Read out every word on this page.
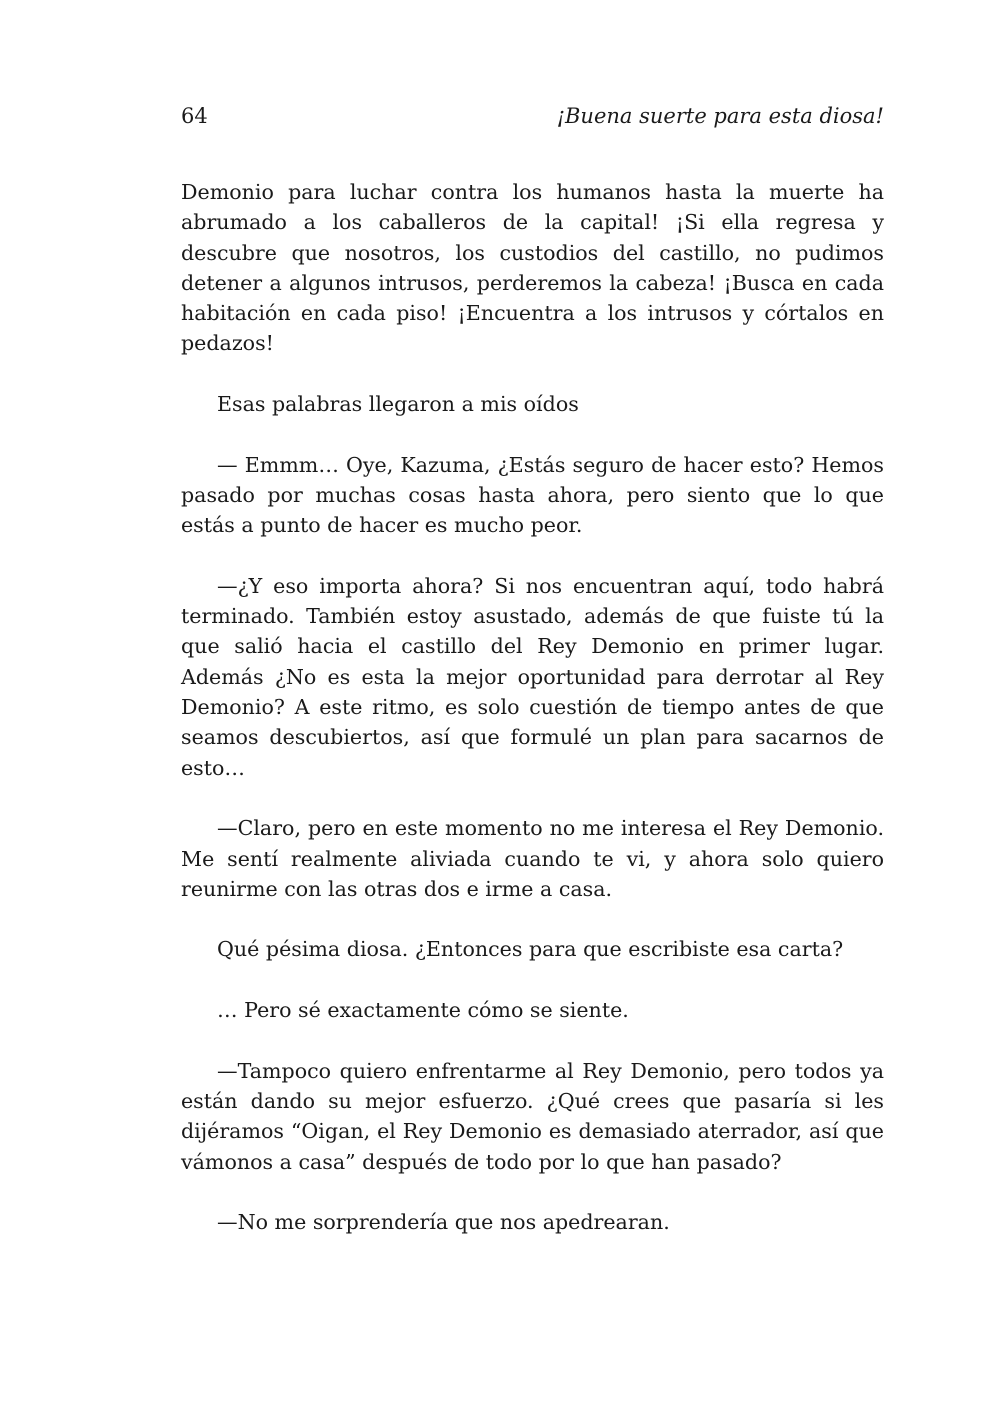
64	¡Buena suerte para esta diosa!

Demonio para luchar contra los humanos hasta la muerte ha abrumado a los caballeros de la capital! ¡Si ella regresa y descubre que nosotros, los custodios del castillo, no pudimos detener a algunos intrusos, perderemos la cabeza! ¡Busca en cada habitación en cada piso! ¡Encuentra a los intrusos y córtalos en pedazos!

Esas palabras llegaron a mis oídos

— Emmm… Oye, Kazuma, ¿Estás seguro de hacer esto? Hemos pasado por muchas cosas hasta ahora, pero siento que lo que estás a punto de hacer es mucho peor.

—¿Y eso importa ahora? Si nos encuentran aquí, todo habrá terminado. También estoy asustado, además de que fuiste tú la que salió hacia el castillo del Rey Demonio en primer lugar. Además ¿No es esta la mejor oportunidad para derrotar al Rey Demonio? A este ritmo, es solo cuestión de tiempo antes de que seamos descubiertos, así que formulé un plan para sacarnos de esto…

—Claro, pero en este momento no me interesa el Rey Demonio. Me sentí realmente aliviada cuando te vi, y ahora solo quiero reunirme con las otras dos e irme a casa.

Qué pésima diosa. ¿Entonces para que escribiste esa carta?

… Pero sé exactamente cómo se siente.

—Tampoco quiero enfrentarme al Rey Demonio, pero todos ya están dando su mejor esfuerzo. ¿Qué crees que pasaría si les dijéramos “Oigan, el Rey Demonio es demasiado aterrador, así que vámonos a casa” después de todo por lo que han pasado?

—No me sorprendería que nos apedrearan.
